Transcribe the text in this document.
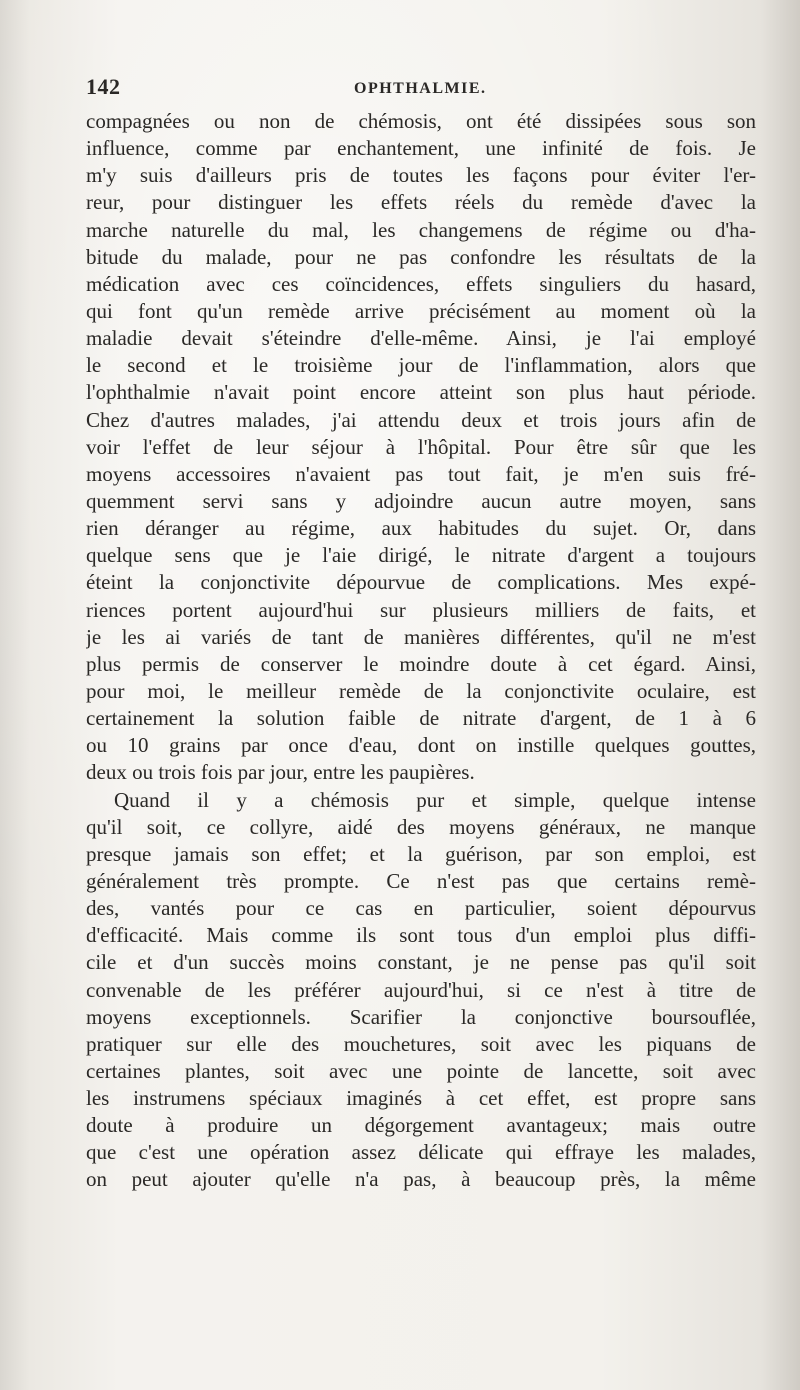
142	OPHTHALMIE.
compagnées ou non de chémosis, ont été dissipées sous son
influence, comme par enchantement, une infinité de fois. Je
m'y suis d'ailleurs pris de toutes les façons pour éviter l'er-
reur, pour distinguer les effets réels du remède d'avec la
marche naturelle du mal, les changemens de régime ou d'ha-
bitude du malade, pour ne pas confondre les résultats de la
médication avec ces coïncidences, effets singuliers du hasard,
qui font qu'un remède arrive précisément au moment où la
maladie devait s'éteindre d'elle-même. Ainsi, je l'ai employé
le second et le troisième jour de l'inflammation, alors que
l'ophthalmie n'avait point encore atteint son plus haut période.
Chez d'autres malades, j'ai attendu deux et trois jours afin de
voir l'effet de leur séjour à l'hôpital. Pour être sûr que les
moyens accessoires n'avaient pas tout fait, je m'en suis fré-
quemment servi sans y adjoindre aucun autre moyen, sans
rien déranger au régime, aux habitudes du sujet. Or, dans
quelque sens que je l'aie dirigé, le nitrate d'argent a toujours
éteint la conjonctivite dépourvue de complications. Mes expé-
riences portent aujourd'hui sur plusieurs milliers de faits, et
je les ai variés de tant de manières différentes, qu'il ne m'est
plus permis de conserver le moindre doute à cet égard. Ainsi,
pour moi, le meilleur remède de la conjonctivite oculaire, est
certainement la solution faible de nitrate d'argent, de 1 à 6
ou 10 grains par once d'eau, dont on instille quelques gouttes,
deux ou trois fois par jour, entre les paupières.
Quand il y a chémosis pur et simple, quelque intense
qu'il soit, ce collyre, aidé des moyens généraux, ne manque
presque jamais son effet; et la guérison, par son emploi, est
généralement très prompte. Ce n'est pas que certains remè-
des, vantés pour ce cas en particulier, soient dépourvus
d'efficacité. Mais comme ils sont tous d'un emploi plus diffi-
cile et d'un succès moins constant, je ne pense pas qu'il soit
convenable de les préférer aujourd'hui, si ce n'est à titre de
moyens exceptionnels. Scarifier la conjonctive boursouflée,
pratiquer sur elle des mouchetures, soit avec les piquans de
certaines plantes, soit avec une pointe de lancette, soit avec
les instrumens spéciaux imaginés à cet effet, est propre sans
doute à produire un dégorgement avantageux; mais outre
que c'est une opération assez délicate qui effraye les malades,
on peut ajouter qu'elle n'a pas, à beaucoup près, la même
